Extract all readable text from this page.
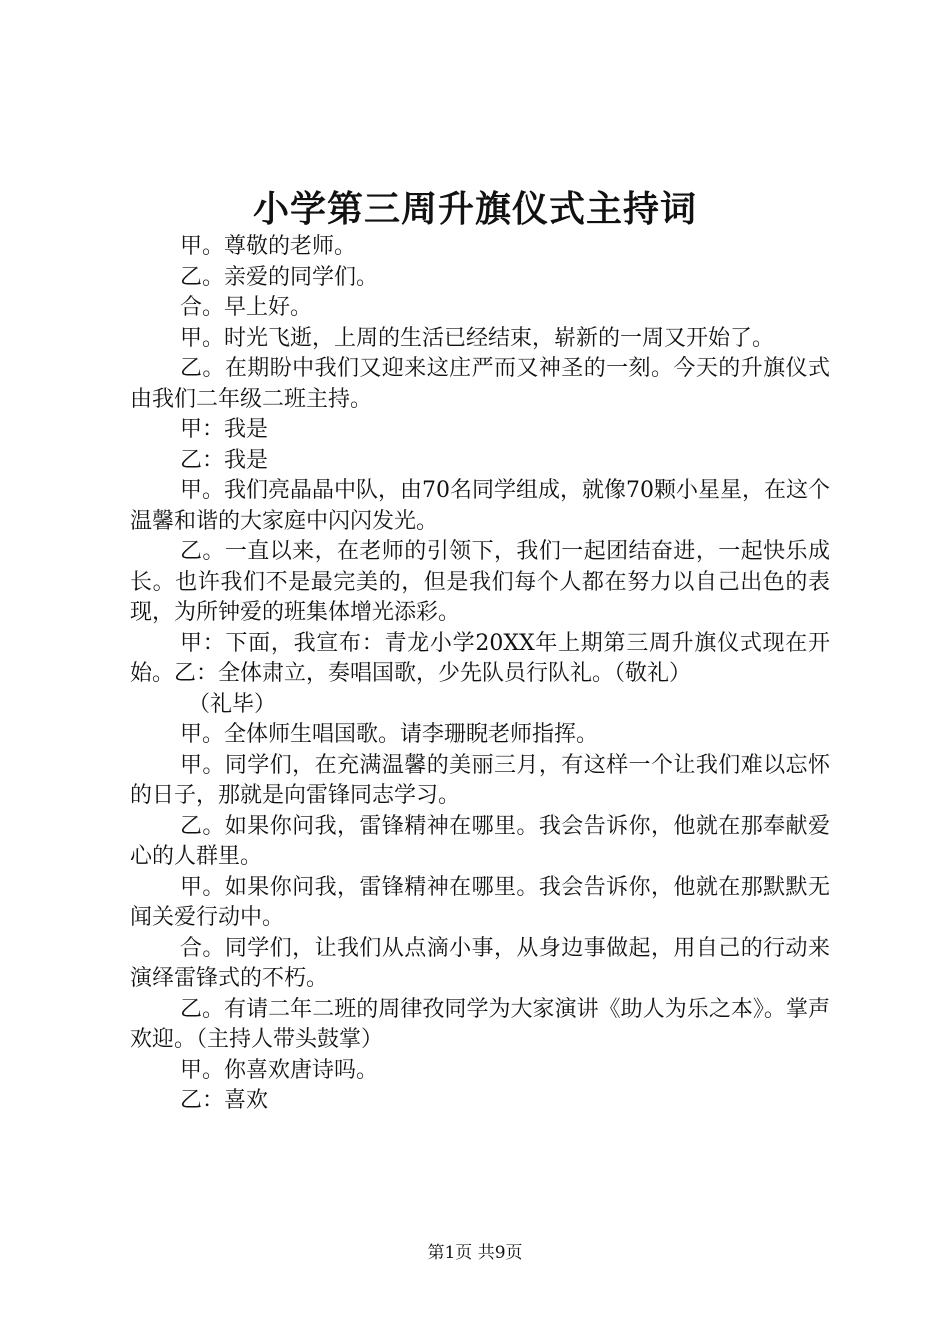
小学第三周升旗仪式主持词

甲。尊敬的老师。

乙。亲爱的同学们。

合。早上好。

甲。时光飞逝，上周的生活已经结束，崭新的一周又开始了。

乙。在期盼中我们又迎来这庄严而又神圣的一刻。今天的升旗仪式由我们二年级二班主持。

甲：我是

乙：我是

甲。我们亮晶晶中队，由70名同学组成，就像70颗小星星，在这个温馨和谐的大家庭中闪闪发光。

乙。一直以来，在老师的引领下，我们一起团结奋进，一起快乐成长。也许我们不是最完美的，但是我们每个人都在努力以自己出色的表现，为所钟爱的班集体增光添彩。

甲：下面，我宣布：青龙小学20XX年上期第三周升旗仪式现在开始。乙：全体肃立，奏唱国歌，少先队员行队礼。（敬礼）

（礼毕）

甲。全体师生唱国歌。请李珊睨老师指挥。

甲。同学们，在充满温馨的美丽三月，有这样一个让我们难以忘怀的日子，那就是向雷锋同志学习。

乙。如果你问我，雷锋精神在哪里。我会告诉你，他就在那奉献爱心的人群里。

甲。如果你问我，雷锋精神在哪里。我会告诉你，他就在那默默无闻关爱行动中。

合。同学们，让我们从点滴小事，从身边事做起，用自己的行动来演绎雷锋式的不朽。

乙。有请二年二班的周律孜同学为大家演讲《助人为乐之本》。掌声欢迎。（主持人带头鼓掌）

甲。你喜欢唐诗吗。

乙：喜欢

第1页 共9页
